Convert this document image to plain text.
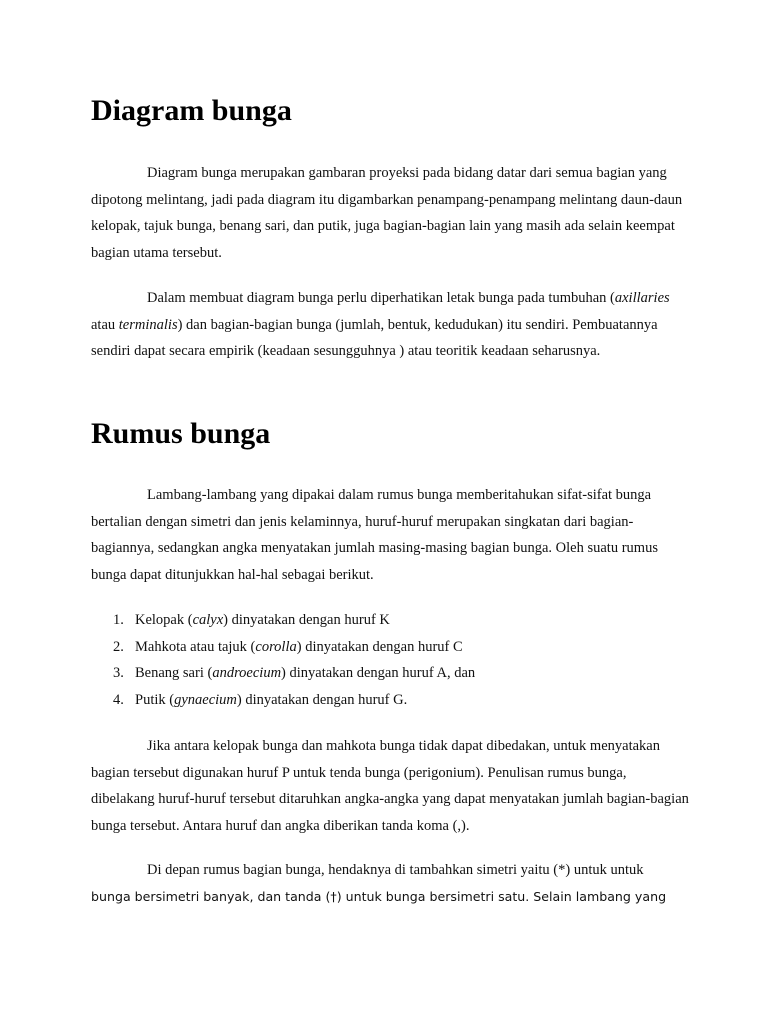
Diagram bunga

Diagram bunga merupakan gambaran proyeksi pada bidang datar dari semua bagian yang dipotong melintang, jadi pada diagram itu digambarkan penampang-penampang melintang daun-daun kelopak, tajuk bunga, benang sari, dan putik, juga bagian-bagian lain yang masih ada selain keempat bagian utama tersebut.

Dalam membuat diagram bunga perlu diperhatikan letak bunga pada tumbuhan (axillaries atau terminalis) dan bagian-bagian bunga (jumlah, bentuk, kedudukan) itu sendiri. Pembuatannya sendiri dapat secara empirik (keadaan sesungguhnya ) atau teoritik keadaan seharusnya.

Rumus bunga

Lambang-lambang yang dipakai dalam rumus bunga memberitahukan sifat-sifat bunga bertalian dengan simetri dan jenis kelaminnya, huruf-huruf merupakan singkatan dari bagian-bagiannya, sedangkan angka menyatakan jumlah masing-masing bagian bunga. Oleh suatu rumus bunga dapat ditunjukkan hal-hal sebagai berikut.

1. Kelopak (calyx) dinyatakan dengan huruf K
2. Mahkota atau tajuk (corolla) dinyatakan dengan huruf C
3. Benang sari (androecium) dinyatakan dengan huruf A, dan
4. Putik (gynaecium) dinyatakan dengan huruf G.

Jika antara kelopak bunga dan mahkota bunga tidak dapat dibedakan, untuk menyatakan bagian tersebut digunakan huruf P untuk tenda bunga (perigonium). Penulisan rumus bunga, dibelakang huruf-huruf tersebut ditaruhkan angka-angka yang dapat menyatakan jumlah bagian-bagian bunga tersebut. Antara huruf dan angka diberikan tanda koma (,).

Di depan rumus bagian bunga, hendaknya di tambahkan simetri yaitu (*) untuk untuk
bunga bersimetri banyak, dan tanda (†) untuk bunga bersimetri satu. Selain lambang yang
